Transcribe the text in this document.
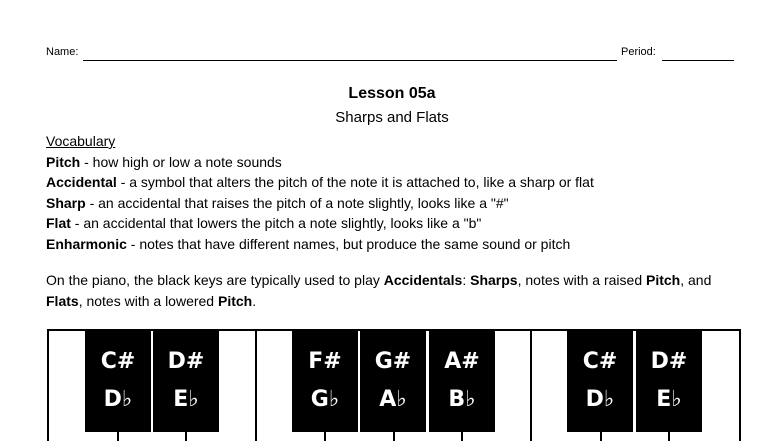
Name:	Period:
Lesson 05a
Sharps and Flats
Vocabulary
Pitch - how high or low a note sounds
Accidental - a symbol that alters the pitch of the note it is attached to, like a sharp or flat
Sharp - an accidental that raises the pitch of a note slightly, looks like a "#"
Flat - an accidental that lowers the pitch a note slightly, looks like a "b"
Enharmonic - notes that have different names, but produce the same sound or pitch
On the piano, the black keys are typically used to play Accidentals: Sharps, notes with a raised Pitch, and Flats, notes with a lowered Pitch.
C#
D♭
D#
E♭
F#
G♭
G#
A♭
A#
B♭
C#
D♭
D#
E♭
